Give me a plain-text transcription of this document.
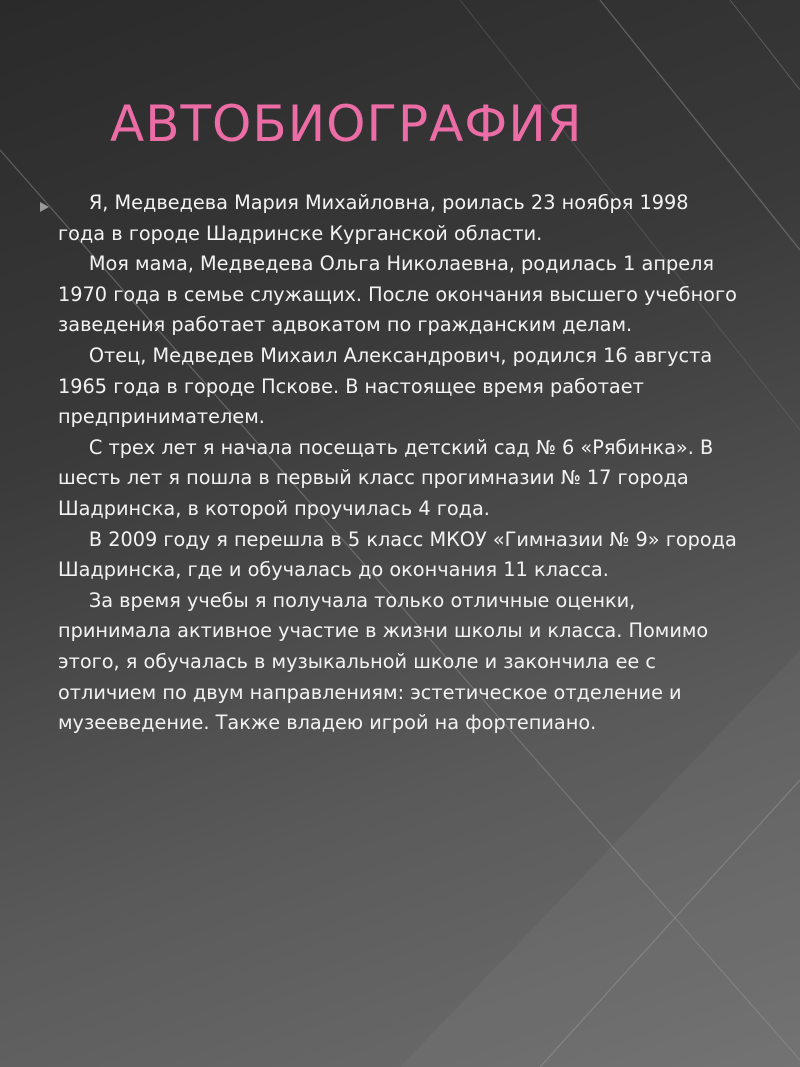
АВТОБИОГРАФИЯ

Я, Медведева Мария Михайловна, роилась 23 ноября 1998 года в городе Шадринске Курганской области.

Моя мама, Медведева Ольга Николаевна, родилась 1 апреля 1970 года в семье служащих. После окончания высшего учебного заведения работает адвокатом по гражданским делам.

Отец, Медведев Михаил Александрович, родился 16 августа 1965 года в городе Пскове. В настоящее время работает предпринимателем.

С трех лет я начала посещать детский сад № 6 «Рябинка». В шесть лет я пошла в первый класс прогимназии № 17 города Шадринска, в которой проучилась 4 года.

В 2009 году я перешла в 5 класс МКОУ «Гимназии № 9» города Шадринска, где и обучалась до окончания 11 класса.

За время учебы я получала только отличные оценки, принимала активное участие в жизни школы и класса. Помимо этого, я обучалась в музыкальной школе и закончила ее с отличием по двум направлениям: эстетическое отделение и музееведение. Также владею игрой на фортепиано.
